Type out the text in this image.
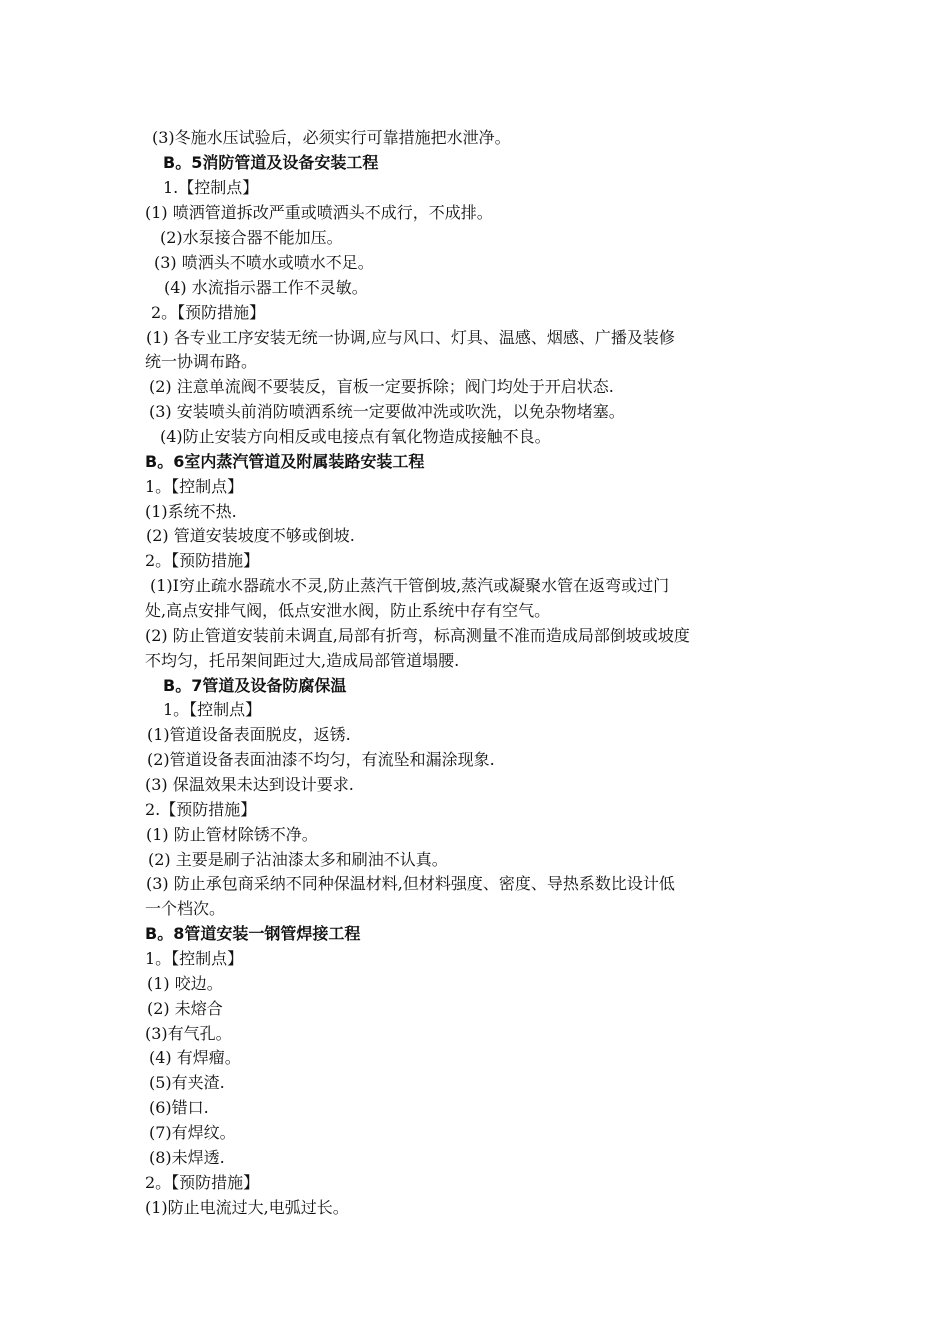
(3)冬施水压试验后，必须实行可靠措施把水泄净。
B。5消防管道及设备安装工程
1.【控制点】
(1) 喷洒管道拆改严重或喷洒头不成行，不成排。
(2)水泵接合器不能加压。
(3) 喷洒头不喷水或喷水不足。
(4) 水流指示器工作不灵敏。
2。【预防措施】
(1) 各专业工序安装无统一协调,应与风口、灯具、温感、烟感、广播及装修
统一协调布路。
(2) 注意单流阀不要装反，盲板一定要拆除；阀门均处于开启状态.
(3) 安装喷头前消防喷洒系统一定要做冲洗或吹洗，以免杂物堵塞。
(4)防止安装方向相反或电接点有氧化物造成接触不良。
B。6室内蒸汽管道及附属装路安装工程
1。【控制点】
(1)系统不热.
(2) 管道安装坡度不够或倒坡.
2。【预防措施】
(1)I穷止疏水器疏水不灵,防止蒸汽干管倒坡,蒸汽或凝聚水管在返弯或过门
处,高点安排气阀，低点安泄水阀，防止系统中存有空气。
(2) 防止管道安装前未调直,局部有折弯，标高测量不准而造成局部倒坡或坡度
不均匀，托吊架间距过大,造成局部管道塌腰.
B。7管道及设备防腐保温
1。【控制点】
(1)管道设备表面脱皮，返锈.
(2)管道设备表面油漆不均匀，有流坠和漏涂现象.
(3) 保温效果未达到设计要求.
2.【预防措施】
(1) 防止管材除锈不净。
(2) 主要是刷子沾油漆太多和刷油不认真。
(3) 防止承包商采纳不同种保温材料,但材料强度、密度、导热系数比设计低
一个档次。
B。8管道安装一钢管焊接工程
1。【控制点】
(1) 咬边。
(2) 未熔合
(3)有气孔。
(4) 有焊瘤。
(5)有夹渣.
(6)错口.
(7)有焊纹。
(8)未焊透.
2。【预防措施】
(1)防止电流过大,电弧过长。
